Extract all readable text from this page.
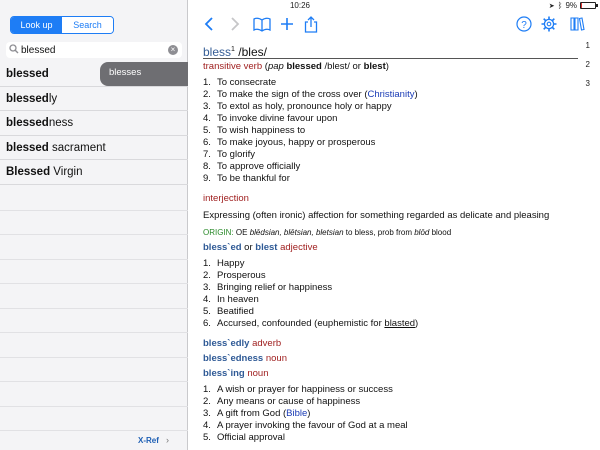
10:26	➤ ᛒ 9%
Look up	Search
blessed
×
blessed
blessedly
blessedness
blessed sacrament
Blessed Virgin
blesses
X-Ref ›
?
bless$^1$ /bles/	1
2
3
transitive verb (pap blessed /blest/ or blest)
1. To consecrate
2. To make the sign of the cross over (Christianity)
3. To extol as holy, pronounce holy or happy
4. To invoke divine favour upon
5. To wish happiness to
6. To make joyous, happy or prosperous
7. To glorify
8. To approve officially
9. To be thankful for
interjection
Expressing (often ironic) affection for something regarded as delicate and pleasing
ORIGIN: OE blēdsian, blētsian, bletsian to bless, prob from blōd blood
bless`ed or blest adjective
1. Happy
2. Prosperous
3. Bringing relief or happiness
4. In heaven
5. Beatified
6. Accursed, confounded (euphemistic for blasted)
bless`edly adverb
bless`edness noun
bless`ing noun
1. A wish or prayer for happiness or success
2. Any means or cause of happiness
3. A gift from God (Bible)
4. A prayer invoking the favour of God at a meal
5. Official approval
